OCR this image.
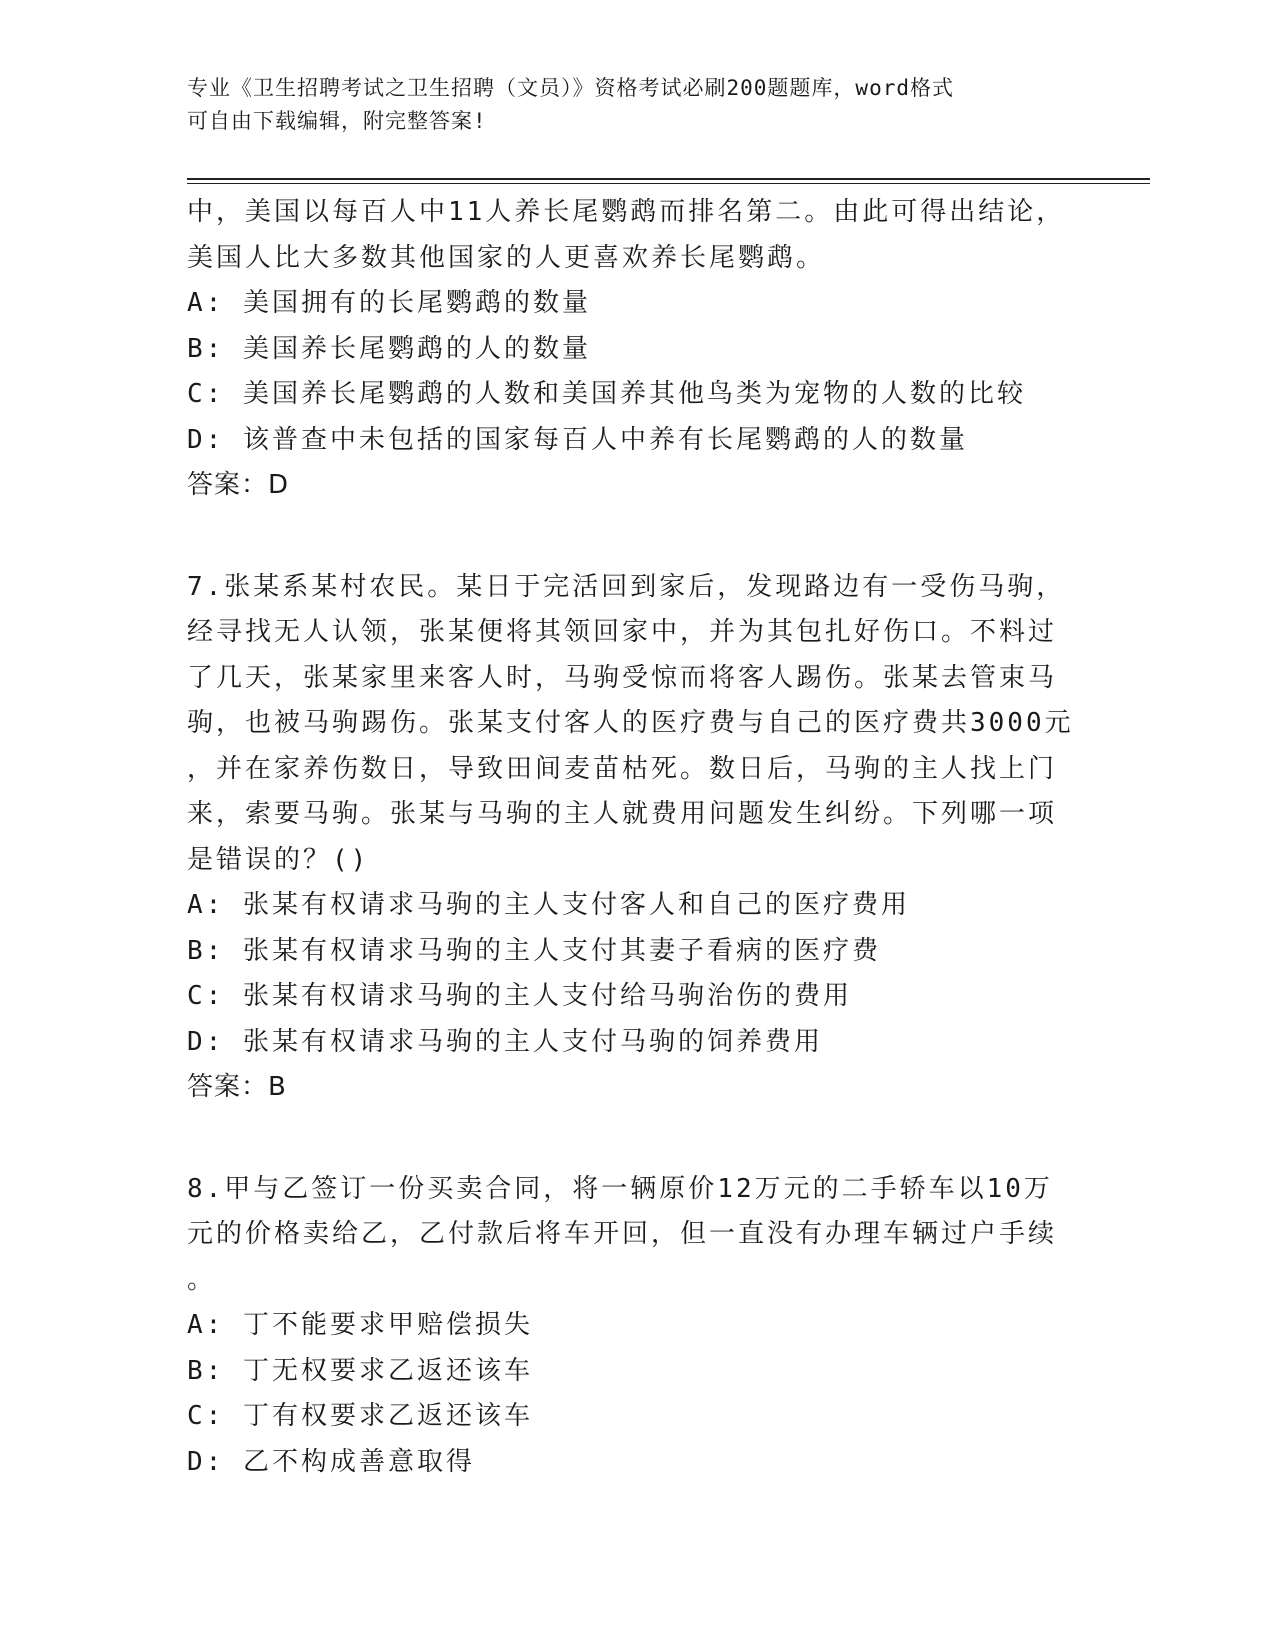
专业《卫生招聘考试之卫生招聘（文员）》资格考试必刷200题题库，word格式
可自由下载编辑，附完整答案!
中，美国以每百人中11人养长尾鹦鹉而排名第二。由此可得出结论，
美国人比大多数其他国家的人更喜欢养长尾鹦鹉。
A: 美国拥有的长尾鹦鹉的数量
B: 美国养长尾鹦鹉的人的数量
C: 美国养长尾鹦鹉的人数和美国养其他鸟类为宠物的人数的比较
D: 该普查中未包括的国家每百人中养有长尾鹦鹉的人的数量
答案：D
7.张某系某村农民。某日于完活回到家后，发现路边有一受伤马驹，
经寻找无人认领，张某便将其领回家中，并为其包扎好伤口。不料过
了几天，张某家里来客人时，马驹受惊而将客人踢伤。张某去管束马
驹，也被马驹踢伤。张某支付客人的医疗费与自己的医疗费共3000元
，并在家养伤数日，导致田间麦苗枯死。数日后，马驹的主人找上门
来，索要马驹。张某与马驹的主人就费用问题发生纠纷。下列哪一项
是错误的？()
A: 张某有权请求马驹的主人支付客人和自己的医疗费用
B: 张某有权请求马驹的主人支付其妻子看病的医疗费
C: 张某有权请求马驹的主人支付给马驹治伤的费用
D: 张某有权请求马驹的主人支付马驹的饲养费用
答案：B
8.甲与乙签订一份买卖合同，将一辆原价12万元的二手轿车以10万
元的价格卖给乙，乙付款后将车开回，但一直没有办理车辆过户手续
。
A: 丁不能要求甲赔偿损失
B: 丁无权要求乙返还该车
C: 丁有权要求乙返还该车
D: 乙不构成善意取得
